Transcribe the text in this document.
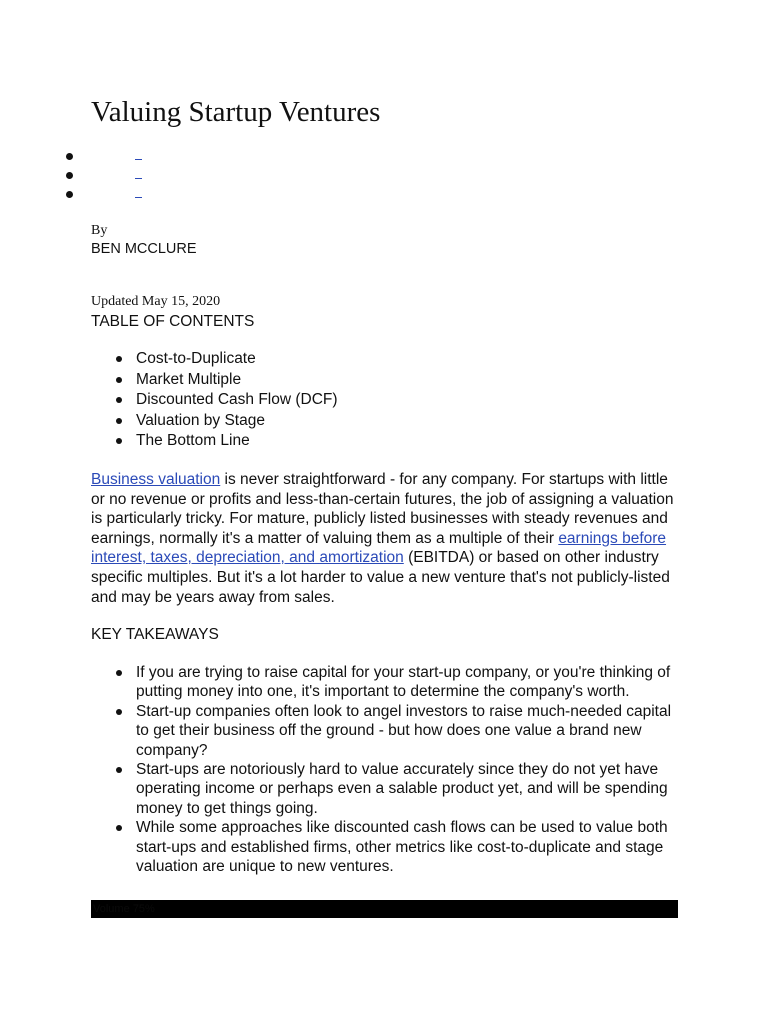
Valuing Startup Ventures
By
BEN MCCLURE
Updated May 15, 2020
TABLE OF CONTENTS
Cost-to-Duplicate
Market Multiple
Discounted Cash Flow (DCF)
Valuation by Stage
The Bottom Line

Business valuation is never straightforward - for any company. For startups with little or no revenue or profits and less-than-certain futures, the job of assigning a valuation is particularly tricky. For mature, publicly listed businesses with steady revenues and earnings, normally it's a matter of valuing them as a multiple of their earnings before interest, taxes, depreciation, and amortization (EBITDA) or based on other industry specific multiples. But it's a lot harder to value a new venture that's not publicly-listed and may be years away from sales.

KEY TAKEAWAYS
If you are trying to raise capital for your start-up company, or you're thinking of putting money into one, it's important to determine the company's worth.
Start-up companies often look to angel investors to raise much-needed capital to get their business off the ground - but how does one value a brand new company?
Start-ups are notoriously hard to value accurately since they do not yet have operating income or perhaps even a salable product yet, and will be spending money to get things going.
While some approaches like discounted cash flows can be used to value both start-ups and established firms, other metrics like cost-to-duplicate and stage valuation are unique to new ventures.
Volume 75%
